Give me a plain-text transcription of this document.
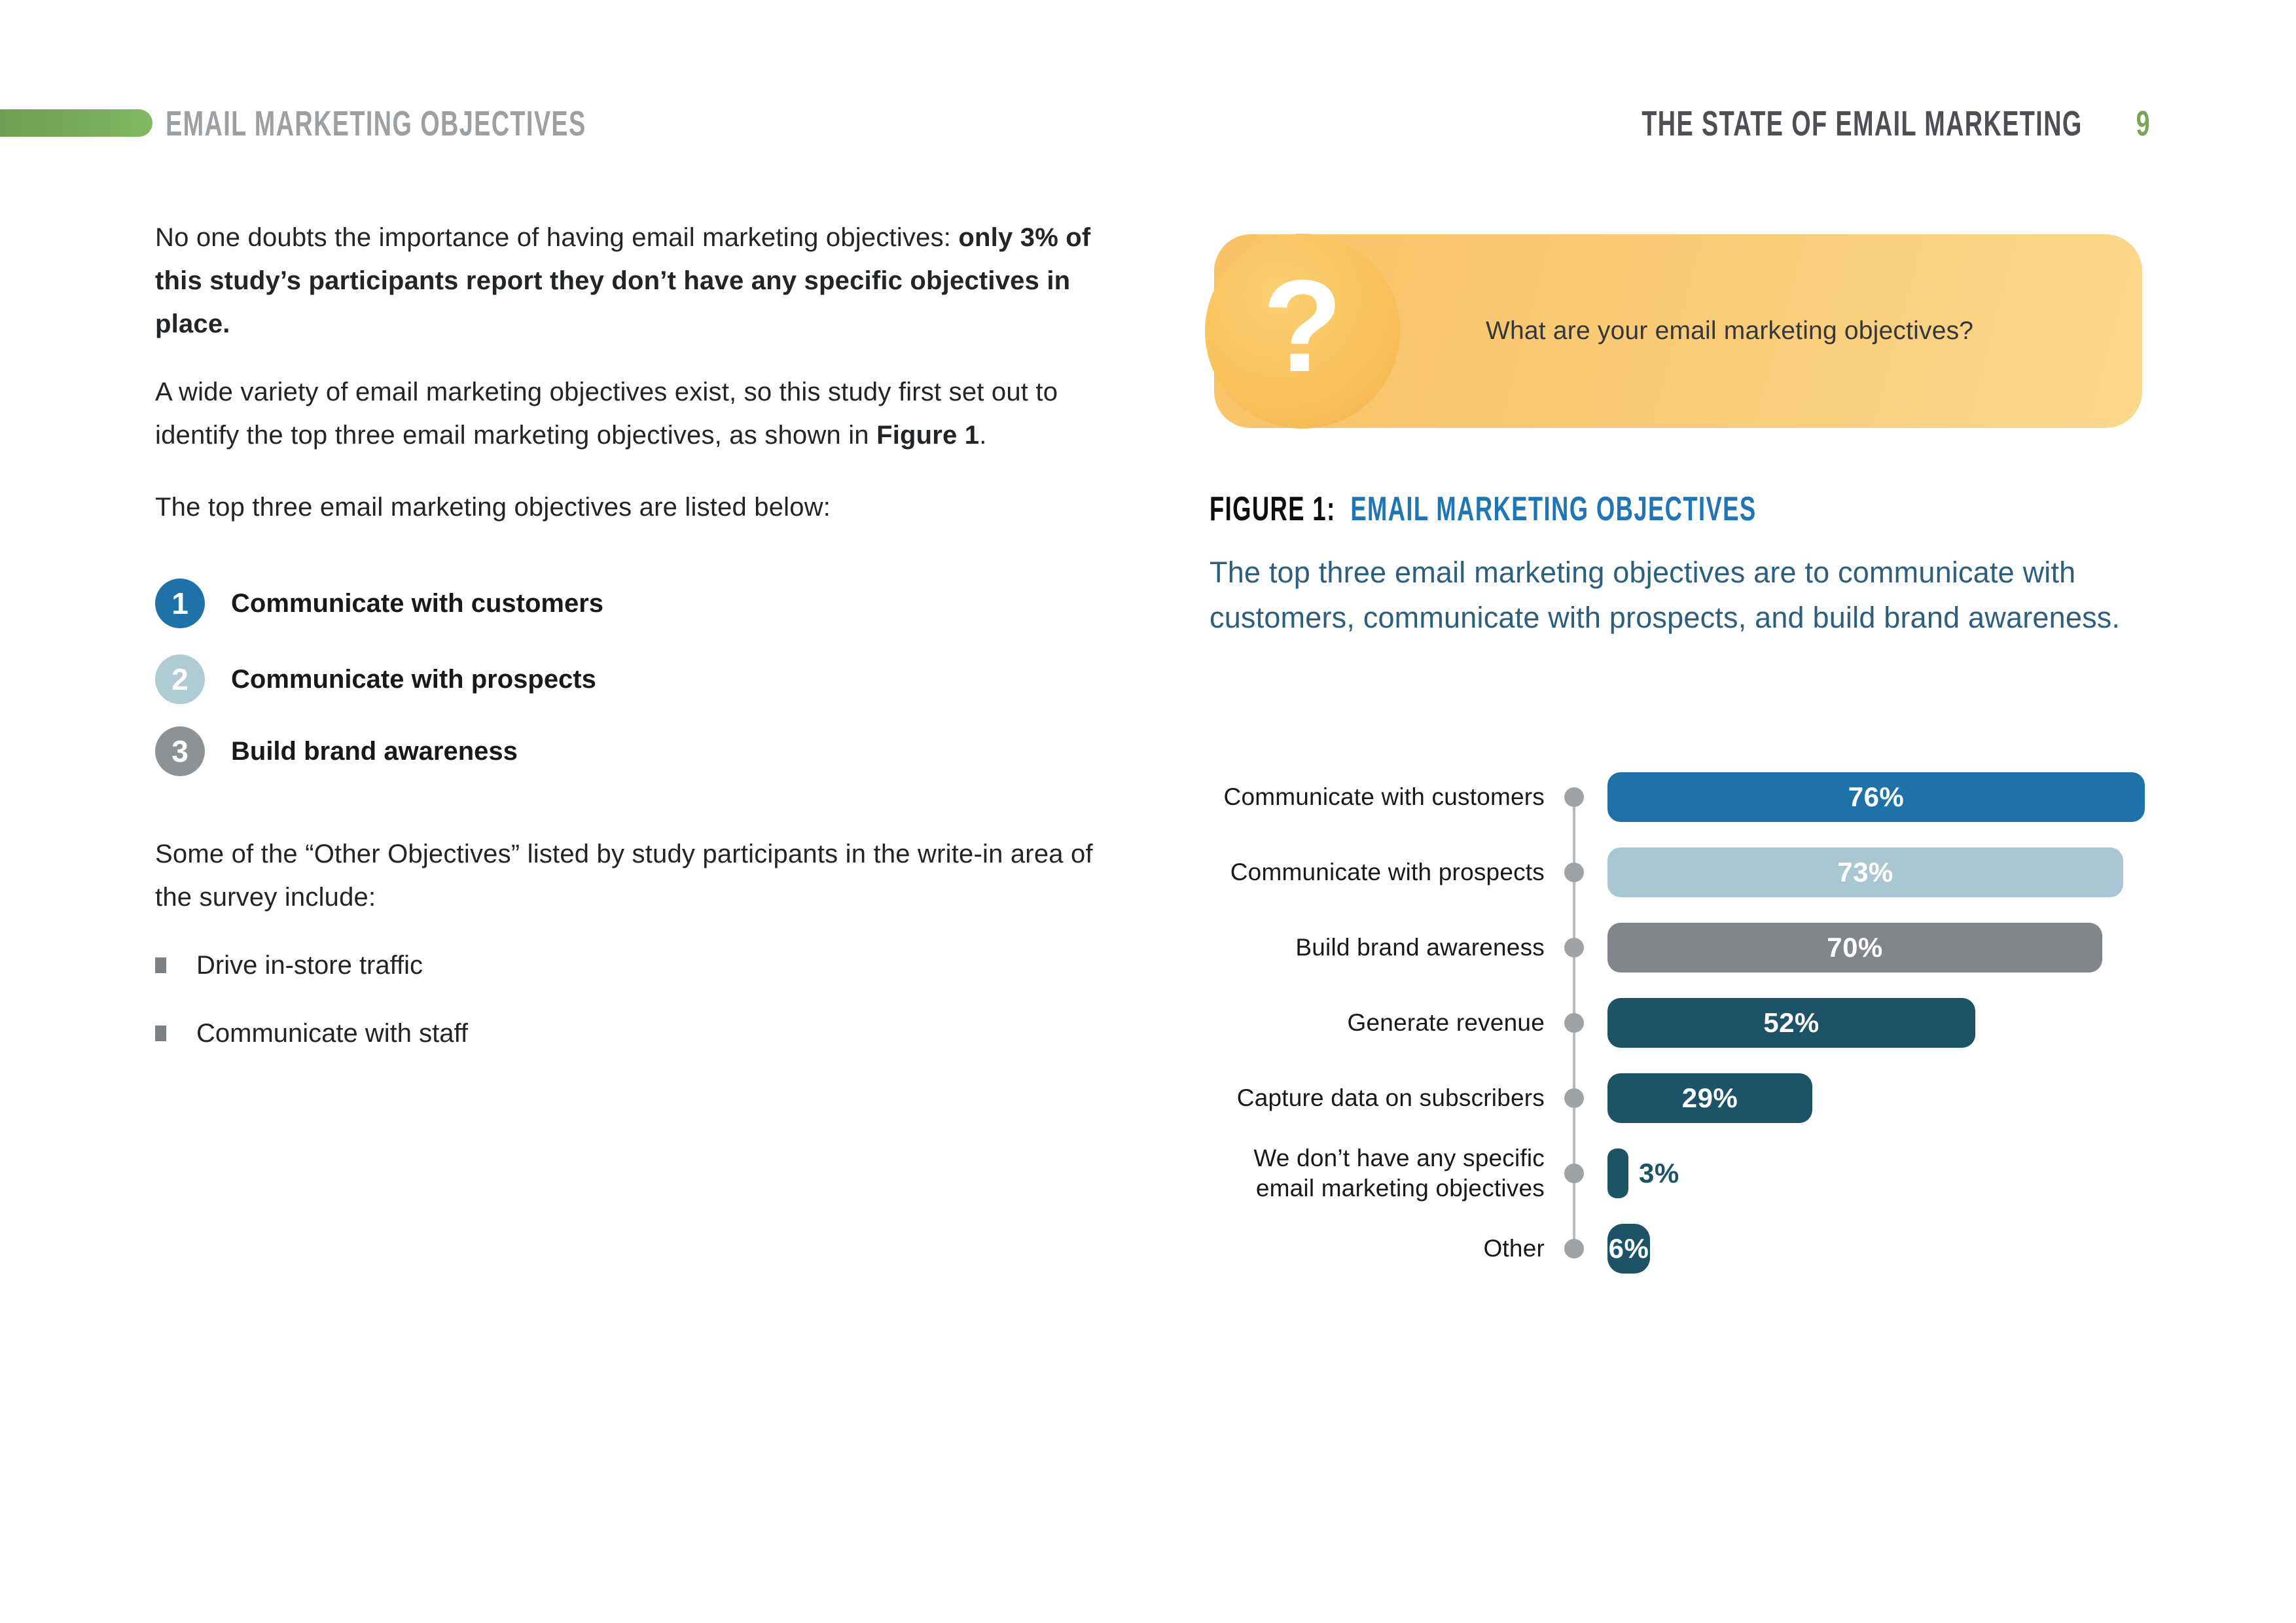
EMAIL MARKETING OBJECTIVES	THE STATE OF EMAIL MARKETING 9
No one doubts the importance of having email marketing objectives: only 3% of this study’s participants report they don’t have any specific objectives in place.
A wide variety of email marketing objectives exist, so this study first set out to identify the top three email marketing objectives, as shown in Figure 1.
The top three email marketing objectives are listed below:
1	Communicate with customers
2	Communicate with prospects
3	Build brand awareness
Some of the “Other Objectives” listed by study participants in the write-in area of the survey include:
Drive in-store traffic
Communicate with staff
?	What are your email marketing objectives?
FIGURE 1: EMAIL MARKETING OBJECTIVES
The top three email marketing objectives are to communicate with customers, communicate with prospects, and build brand awareness.
Communicate with customers	76%
Communicate with prospects	73%
Build brand awareness	70%
Generate revenue	52%
Capture data on subscribers	29%
We don’t have any specific email marketing objectives	3%
Other 6%
